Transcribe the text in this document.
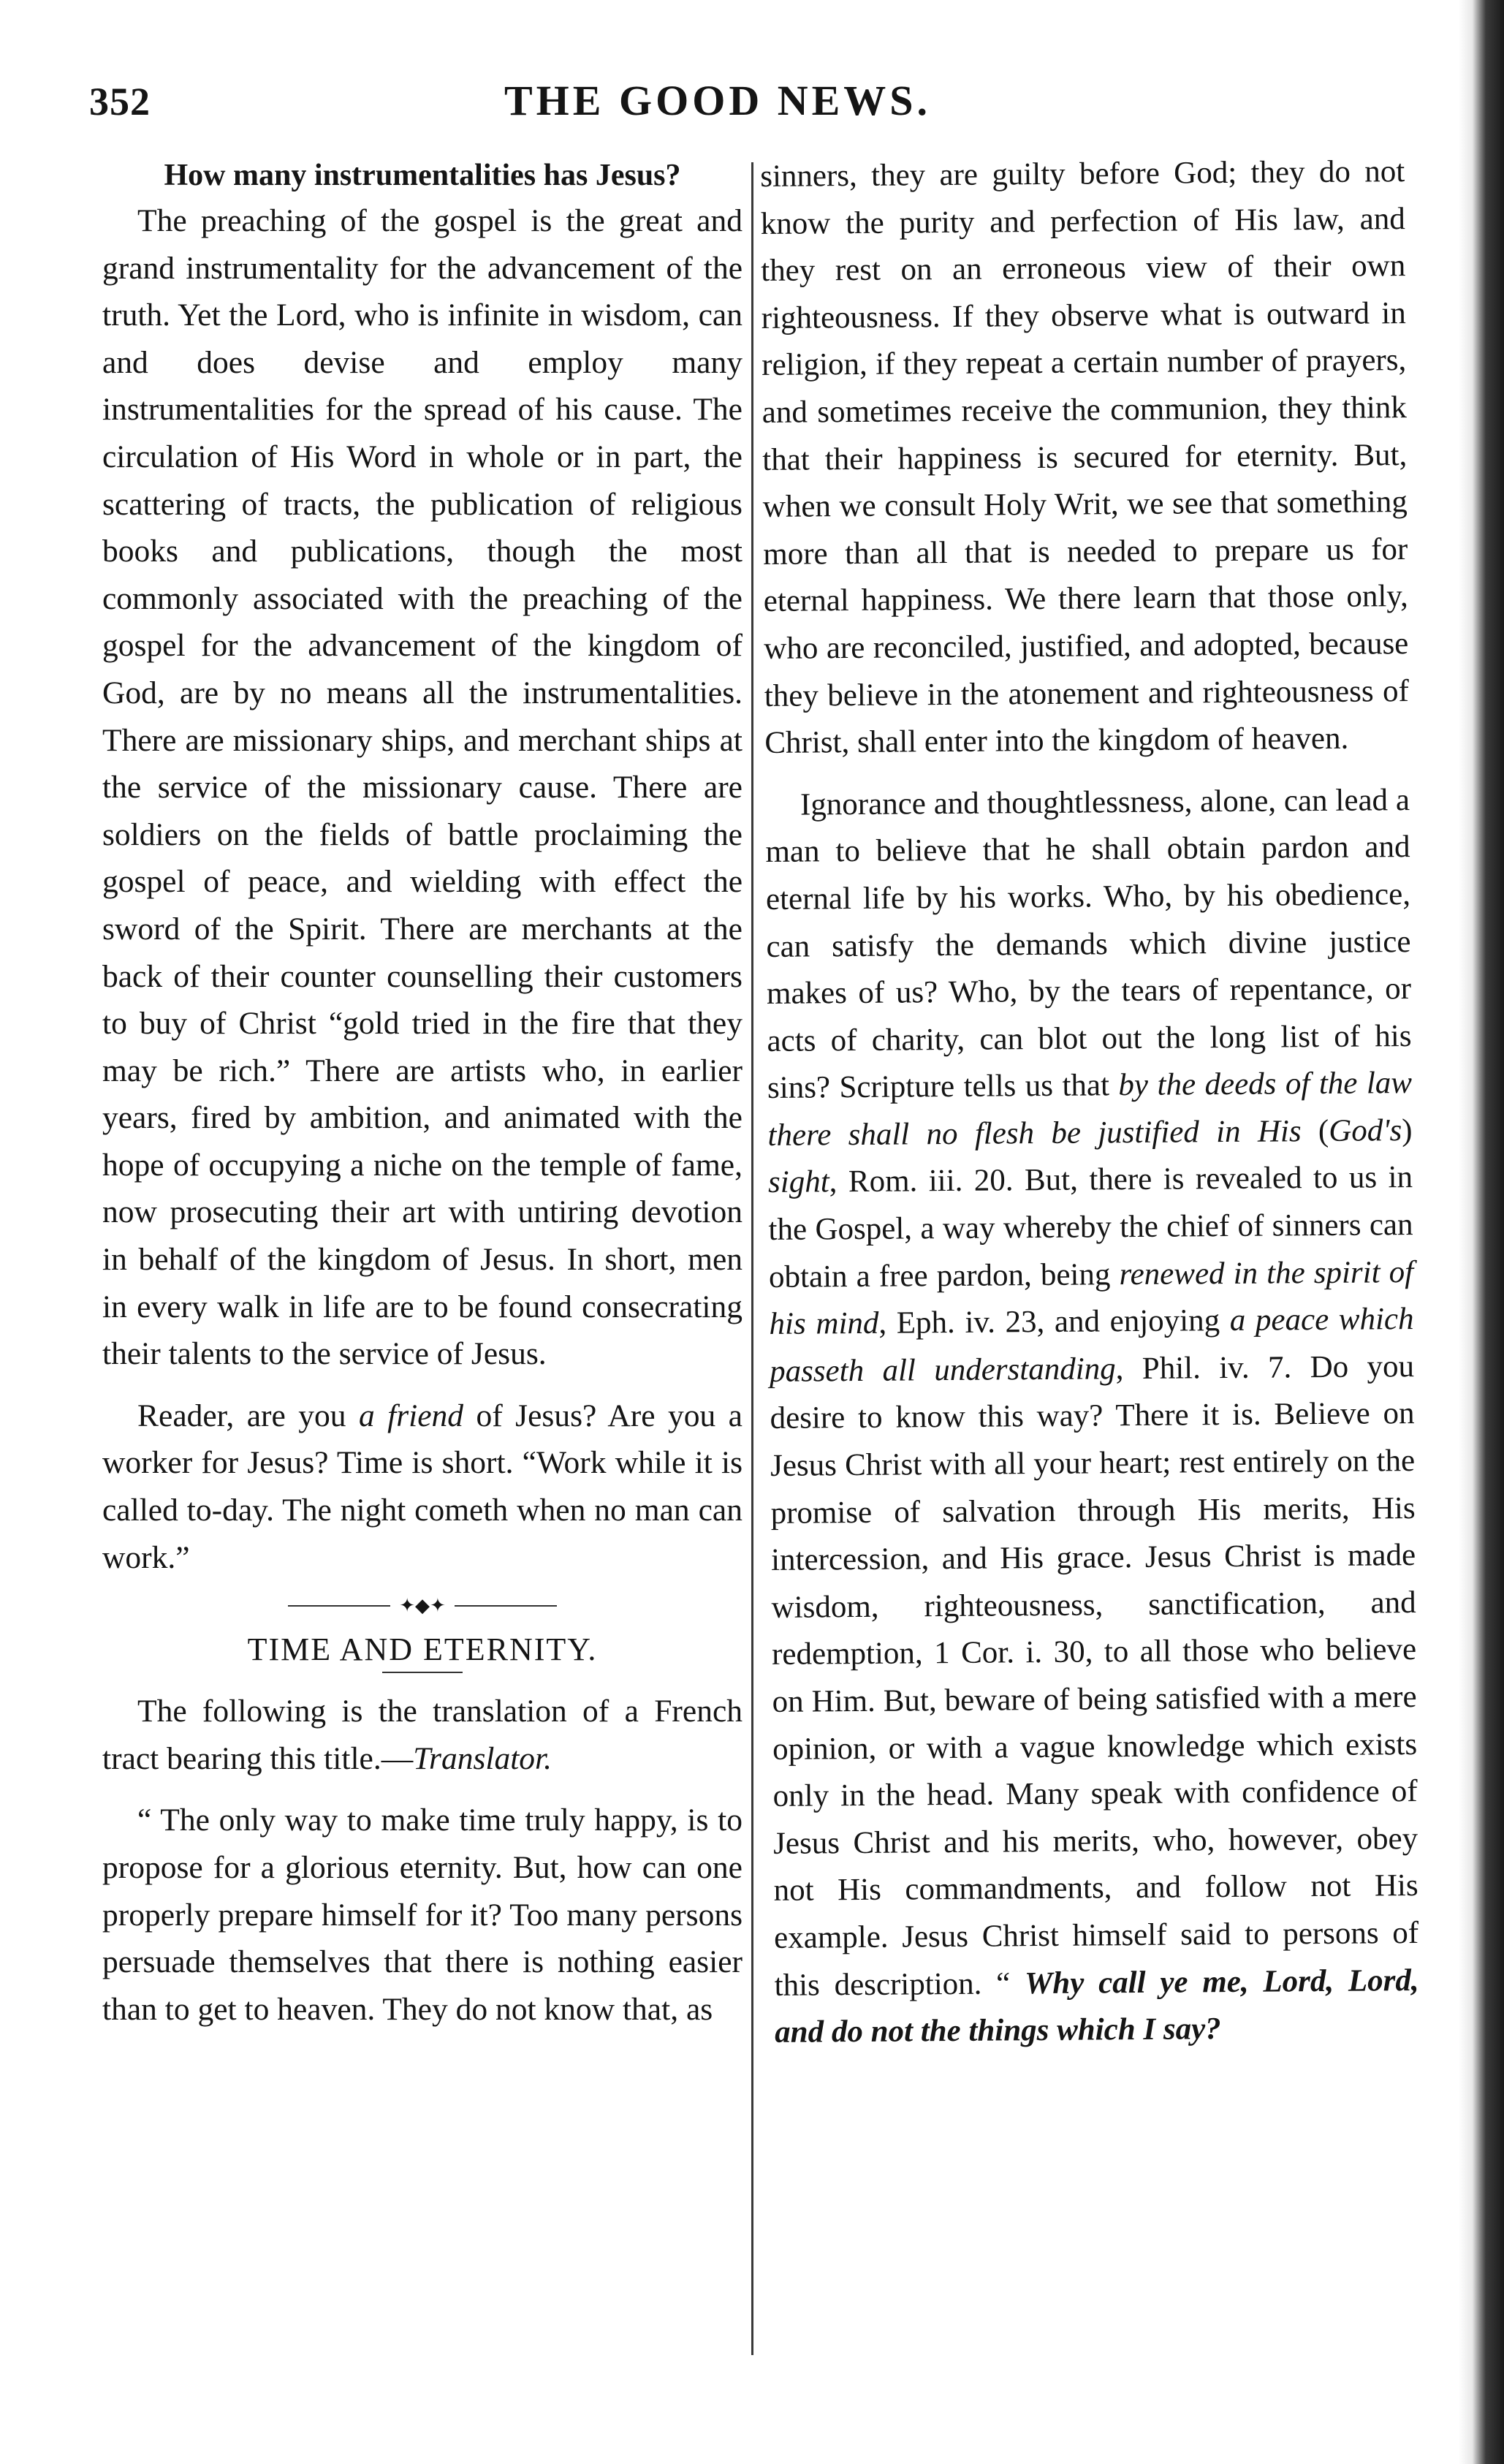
352	THE GOOD NEWS.

How many instrumentalities has Jesus?

The preaching of the gospel is the great and grand instrumentality for the advancement of the truth. Yet the Lord, who is infinite in wisdom, can and does devise and employ many instrumentalities for the spread of his cause. The circulation of His Word in whole or in part, the scattering of tracts, the publication of religious books and publications, though the most commonly associated with the preaching of the gospel for the advancement of the kingdom of God, are by no means all the instrumentalities. There are missionary ships, and merchant ships at the service of the missionary cause. There are soldiers on the fields of battle proclaiming the gospel of peace, and wielding with effect the sword of the Spirit. There are merchants at the back of their counter counselling their customers to buy of Christ “gold tried in the fire that they may be rich.” There are artists who, in earlier years, fired by ambition, and animated with the hope of occupying a niche on the temple of fame, now prosecuting their art with untiring devotion in behalf of the kingdom of Jesus. In short, men in every walk in life are to be found consecrating their talents to the service of Jesus.

Reader, are you a friend of Jesus? Are you a worker for Jesus? Time is short. “Work while it is called to-day. The night cometh when no man can work.”

✦◆✦

TIME AND ETERNITY.

The following is the translation of a French tract bearing this title.—Translator.

“ The only way to make time truly happy, is to propose for a glorious eternity. But, how can one properly prepare himself for it? Too many persons persuade themselves that there is nothing easier than to get to heaven. They do not know that, as

sinners, they are guilty before God; they do not know the purity and perfection of His law, and they rest on an erroneous view of their own righteousness. If they observe what is outward in religion, if they repeat a certain number of prayers, and sometimes receive the communion, they think that their happiness is secured for eternity. But, when we consult Holy Writ, we see that something more than all that is needed to prepare us for eternal happiness. We there learn that those only, who are reconciled, justified, and adopted, because they believe in the atonement and righteousness of Christ, shall enter into the kingdom of heaven.

Ignorance and thoughtlessness, alone, can lead a man to believe that he shall obtain pardon and eternal life by his works. Who, by his obedience, can satisfy the demands which divine justice makes of us? Who, by the tears of repentance, or acts of charity, can blot out the long list of his sins? Scripture tells us that by the deeds of the law there shall no flesh be justified in His (God's) sight, Rom. iii. 20. But, there is revealed to us in the Gospel, a way whereby the chief of sinners can obtain a free pardon, being renewed in the spirit of his mind, Eph. iv. 23, and enjoying a peace which passeth all understanding, Phil. iv. 7. Do you desire to know this way? There it is. Believe on Jesus Christ with all your heart; rest entirely on the promise of salvation through His merits, His intercession, and His grace. Jesus Christ is made wisdom, righteousness, sanctification, and redemption, 1 Cor. i. 30, to all those who believe on Him. But, beware of being satisfied with a mere opinion, or with a vague knowledge which exists only in the head. Many speak with confidence of Jesus Christ and his merits, who, however, obey not His commandments, and follow not His example. Jesus Christ himself said to persons of this description. “ Why call ye me, Lord, Lord, and do not the things which I say?
